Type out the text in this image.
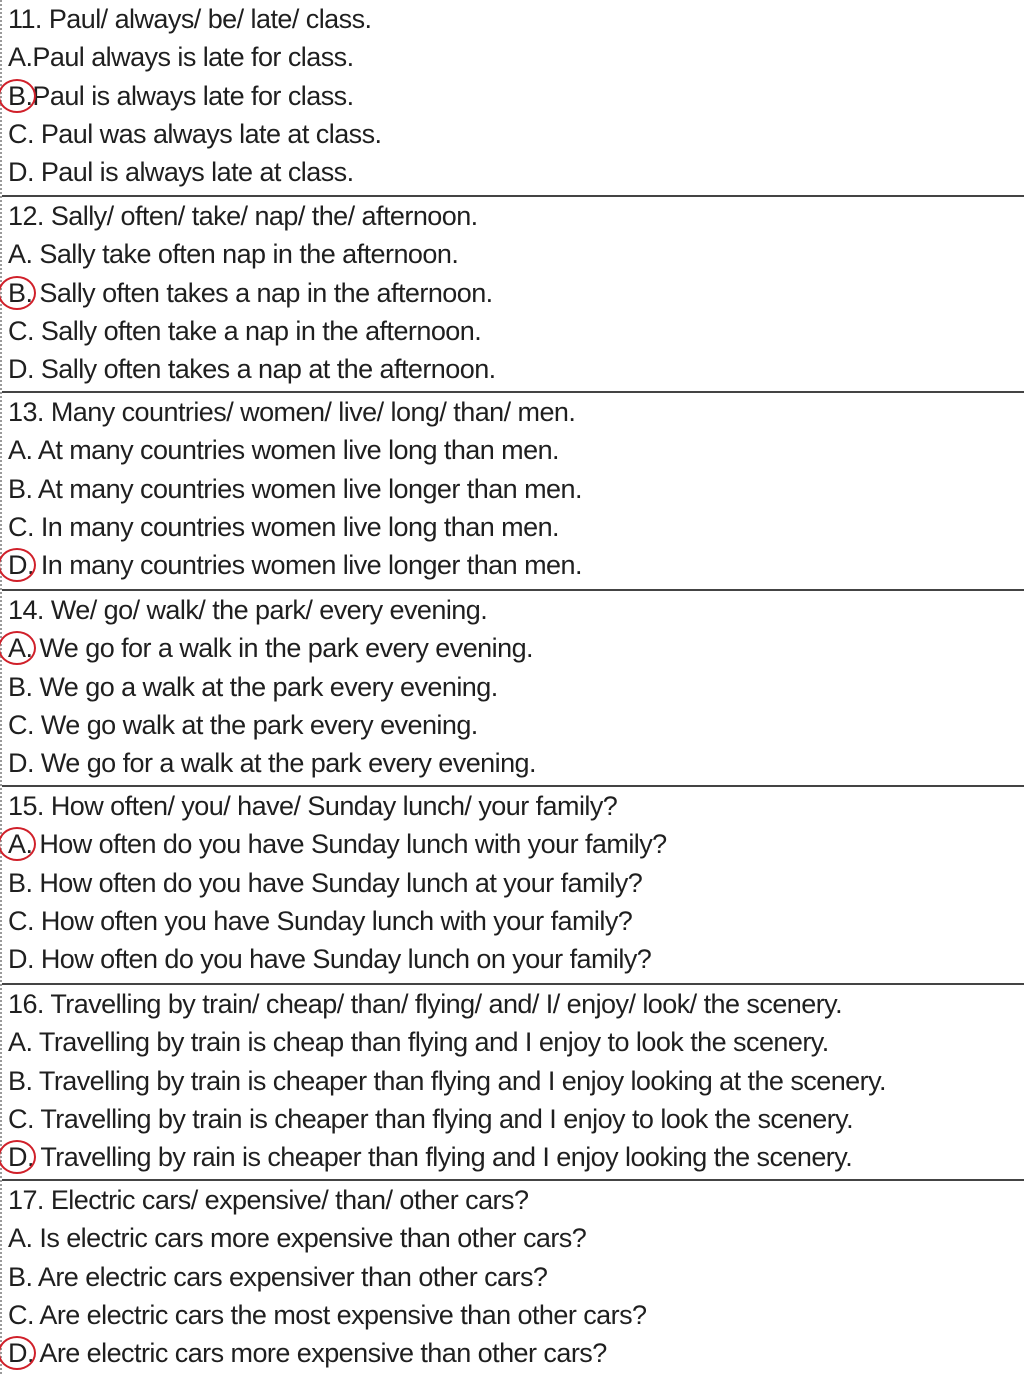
11. Paul/ always/ be/ late/ class.
A.Paul always is late for class.
B.Paul is always late for class.
C. Paul was always late at class.
D. Paul is always late at class.
12. Sally/ often/ take/ nap/ the/ afternoon.
A. Sally take often nap in the afternoon.
B. Sally often takes a nap in the afternoon.
C. Sally often take a nap in the afternoon.
D. Sally often takes a nap at the afternoon.
13. Many countries/ women/ live/ long/ than/ men.
A. At many countries women live long than men.
B. At many countries women live longer than men.
C. In many countries women live long than men.
D. In many countries women live longer than men.
14. We/ go/ walk/ the park/ every evening.
A. We go for a walk in the park every evening.
B. We go a walk at the park every evening.
C. We go walk at the park every evening.
D. We go for a walk at the park every evening.
15. How often/ you/ have/ Sunday lunch/ your family?
A. How often do you have Sunday lunch with your family?
B. How often do you have Sunday lunch at your family?
C. How often you have Sunday lunch with your family?
D. How often do you have Sunday lunch on your family?
16. Travelling by train/ cheap/ than/ flying/ and/ I/ enjoy/ look/ the scenery.
A. Travelling by train is cheap than flying and I enjoy to look the scenery.
B. Travelling by train is cheaper than flying and I enjoy looking at the scenery.
C. Travelling by train is cheaper than flying and I enjoy to look the scenery.
D. Travelling by rain is cheaper than flying and I enjoy looking the scenery.
17. Electric cars/ expensive/ than/ other cars?
A. Is electric cars more expensive than other cars?
B. Are electric cars expensiver than other cars?
C. Are electric cars the most expensive than other cars?
D. Are electric cars more expensive than other cars?
